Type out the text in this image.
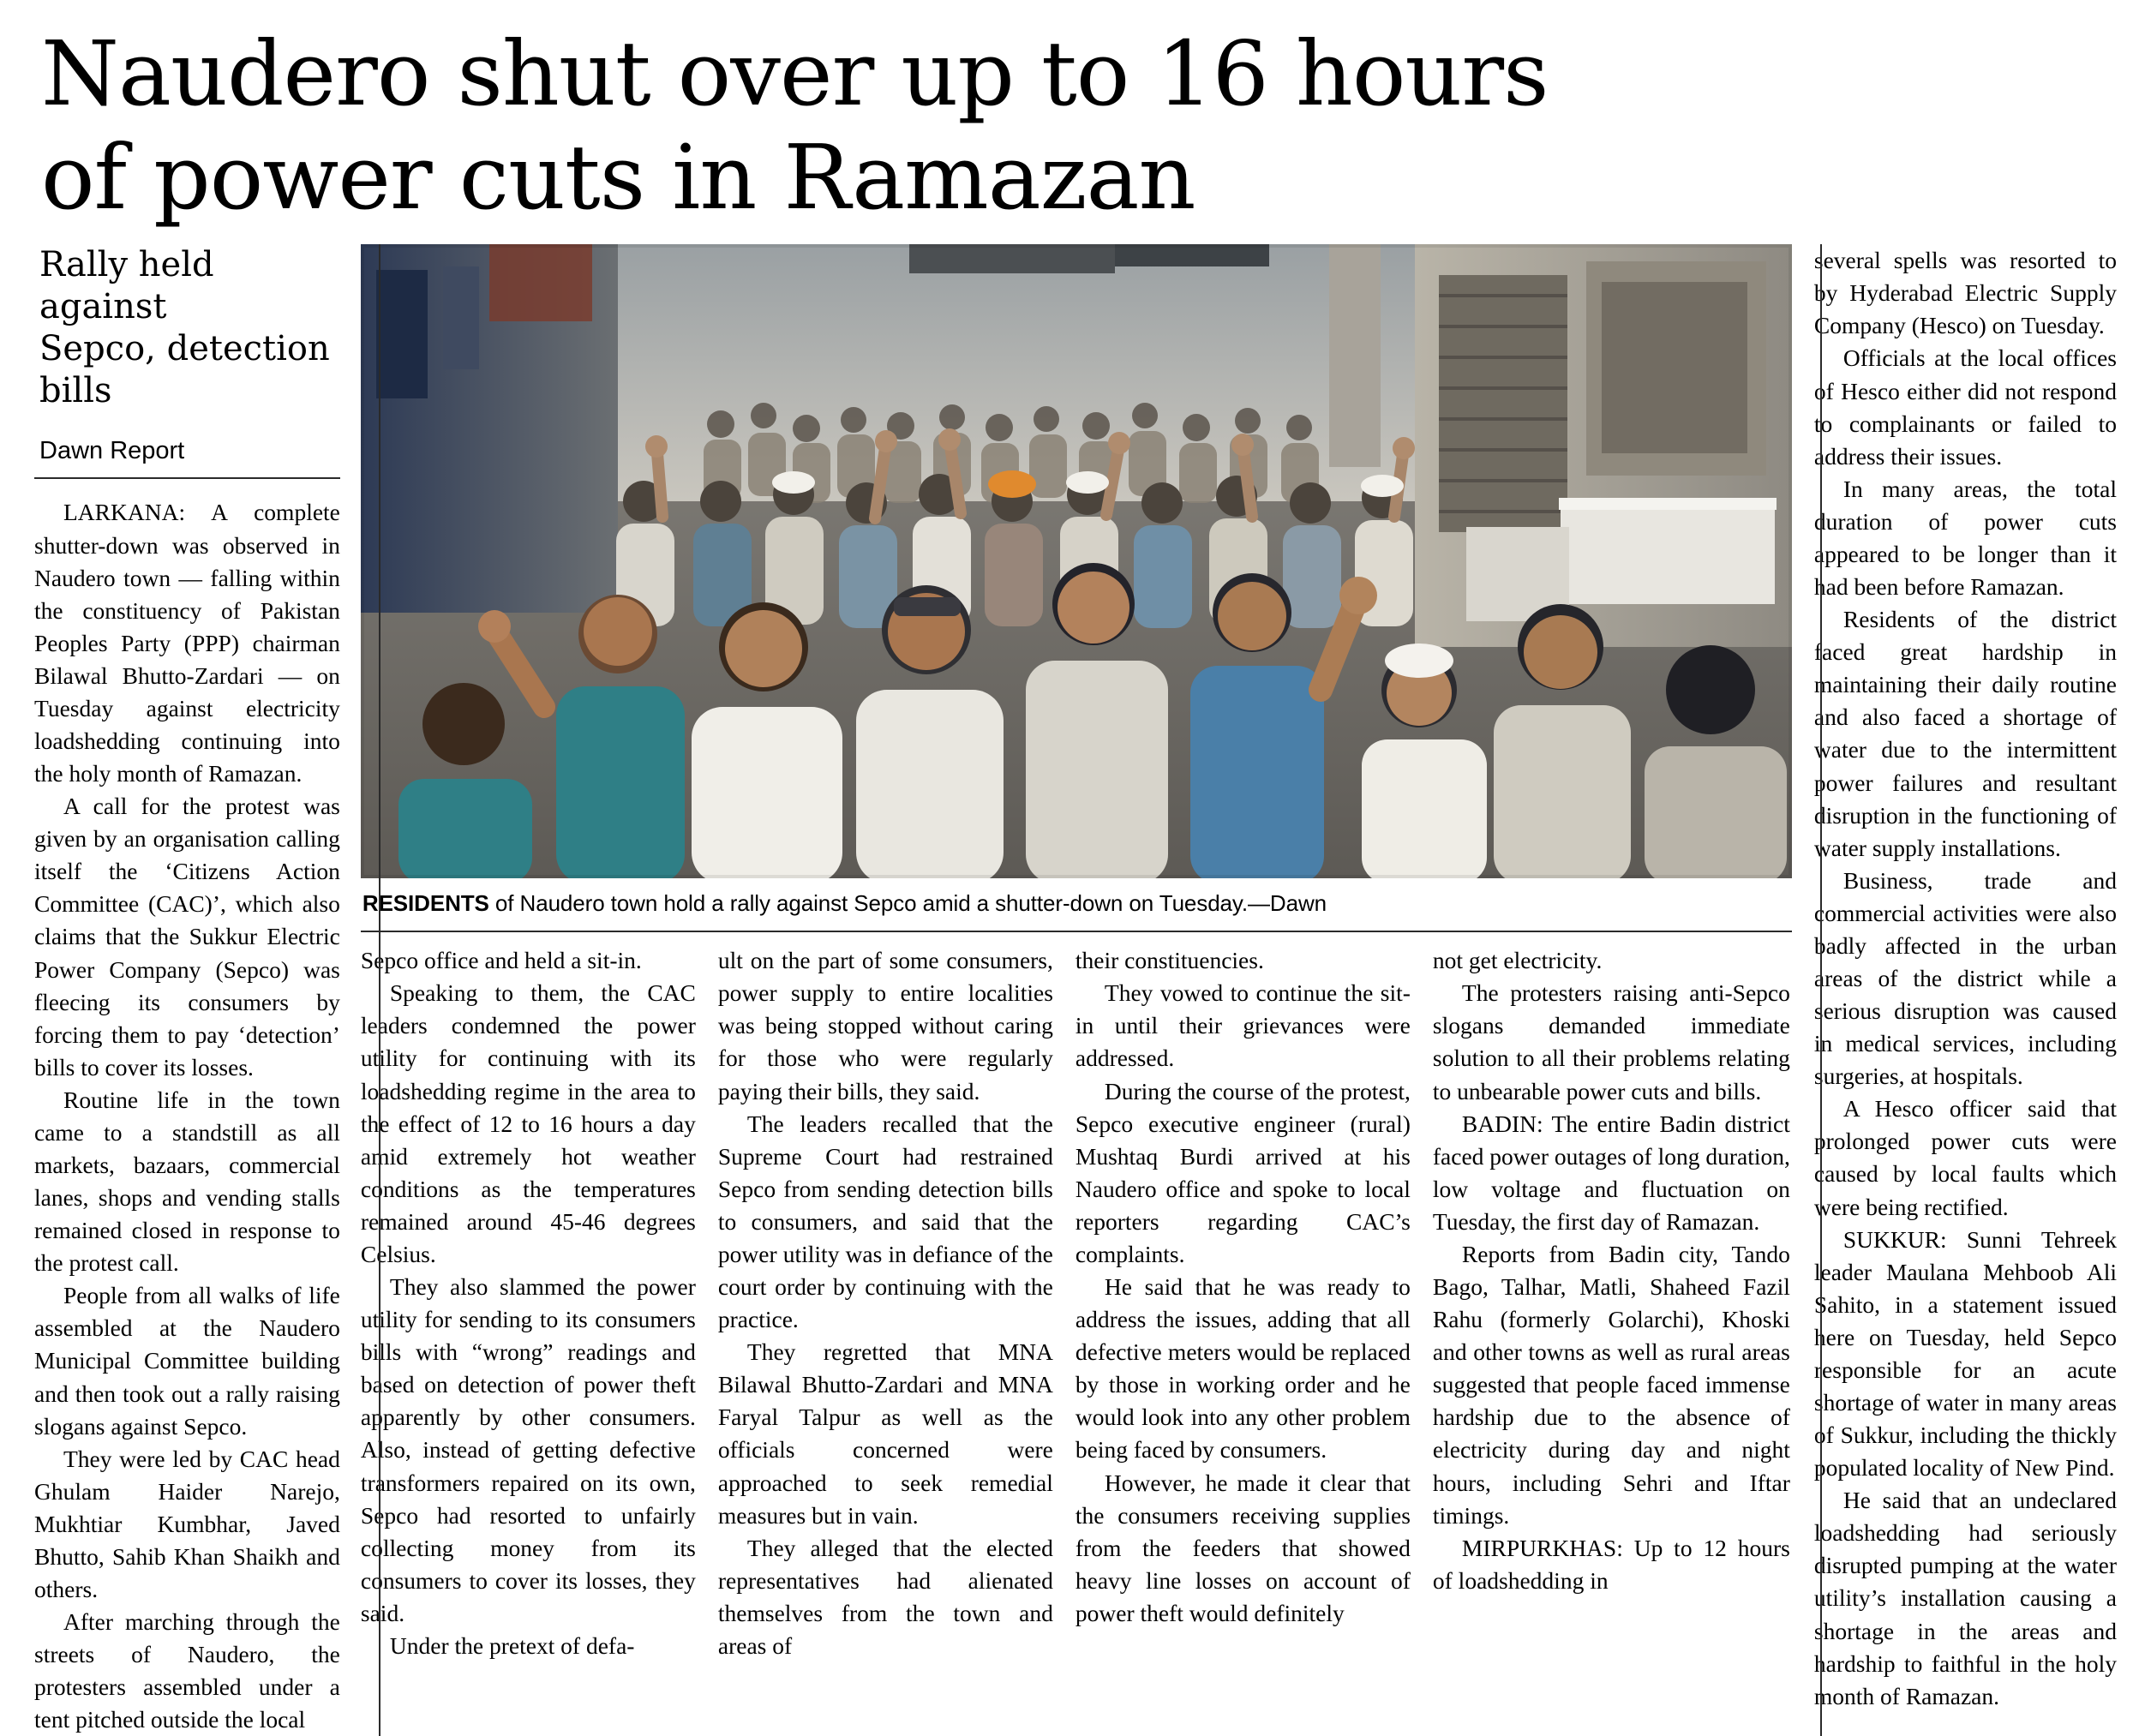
Naudero shut over up to 16 hours
of power cuts in Ramazan
Rally held against
Sepco, detection
bills
Dawn Report

LARKANA: A complete shutter-down was observed in Naudero town — falling within the constituency of Pakistan Peoples Party (PPP) chairman Bilawal Bhutto-Zardari — on Tuesday against electricity loadshedding continuing into the holy month of Ramazan.

A call for the protest was given by an organisation calling itself the ‘Citizens Action Committee (CAC)’, which also claims that the Sukkur Electric Power Company (Sepco) was fleecing its consumers by forcing them to pay ‘detection’ bills to cover its losses.

Routine life in the town came to a standstill as all markets, bazaars, commercial lanes, shops and vending stalls remained closed in response to the protest call.

People from all walks of life assembled at the Naudero Municipal Committee building and then took out a rally raising slogans against Sepco.

They were led by CAC head Ghulam Haider Narejo, Mukhtiar Kumbhar, Javed Bhutto, Sahib Khan Shaikh and others.

After marching through the streets of Naudero, the protesters assembled under a tent pitched outside the local

RESIDENTS of Naudero town hold a rally against Sepco amid a shutter-down on Tuesday.—Dawn

Sepco office and held a sit-in.

Speaking to them, the CAC leaders condemned the power utility for continuing with its loadshedding regime in the area to the effect of 12 to 16 hours a day amid extremely hot weather conditions as the temperatures remained around 45-46 degrees Celsius.

They also slammed the power utility for sending to its consumers bills with “wrong” readings and based on detection of power theft apparently by other consumers. Also, instead of getting defective transformers repaired on its own, Sepco had resorted to unfairly collecting money from its consumers to cover its losses, they said.

Under the pretext of defa-

ult on the part of some consumers, power supply to entire localities was being stopped without caring for those who were regularly paying their bills, they said.

The leaders recalled that the Supreme Court had restrained Sepco from sending detection bills to consumers, and said that the power utility was in defiance of the court order by continuing with the practice.

They regretted that MNA Bilawal Bhutto-Zardari and MNA Faryal Talpur as well as the officials concerned were approached to seek remedial measures but in vain.

They alleged that the elected representatives had alienated themselves from the town and areas of

their constituencies.

They vowed to continue the sit-in until their grievances were addressed.

During the course of the protest, Sepco executive engineer (rural) Mushtaq Burdi arrived at his Naudero office and spoke to local reporters regarding CAC’s complaints.

He said that he was ready to address the issues, adding that all defective meters would be replaced by those in working order and he would look into any other problem being faced by consumers.

However, he made it clear that the consumers receiving supplies from the feeders that showed heavy line losses on account of power theft would definitely

not get electricity.

The protesters raising anti-Sepco slogans demanded immediate solution to all their problems relating to unbearable power cuts and bills.

BADIN: The entire Badin district faced power outages of long duration, low voltage and fluctuation on Tuesday, the first day of Ramazan.

Reports from Badin city, Tando Bago, Talhar, Matli, Shaheed Fazil Rahu (formerly Golarchi), Khoski and other towns as well as rural areas suggested that people faced immense hardship due to the absence of electricity during day and night hours, including Sehri and Iftar timings.

MIRPURKHAS: Up to 12 hours of loadshedding in

several spells was resorted to by Hyderabad Electric Supply Company (Hesco) on Tuesday.

Officials at the local offices of Hesco either did not respond to complainants or failed to address their issues.

In many areas, the total duration of power cuts appeared to be longer than it had been before Ramazan.

Residents of the district faced great hardship in maintaining their daily routine and also faced a shortage of water due to the intermittent power failures and resultant disruption in the functioning of water supply installations.

Business, trade and commercial activities were also badly affected in the urban areas of the district while a serious disruption was caused in medical services, including surgeries, at hospitals.

A Hesco officer said that prolonged power cuts were caused by local faults which were being rectified.

SUKKUR: Sunni Tehreek leader Maulana Mehboob Ali Sahito, in a statement issued here on Tuesday, held Sepco responsible for an acute shortage of water in many areas of Sukkur, including the thickly populated locality of New Pind.

He said that an undeclared loadshedding had seriously disrupted pumping at the water utility’s installation causing a shortage in the areas and hardship to faithful in the holy month of Ramazan.
